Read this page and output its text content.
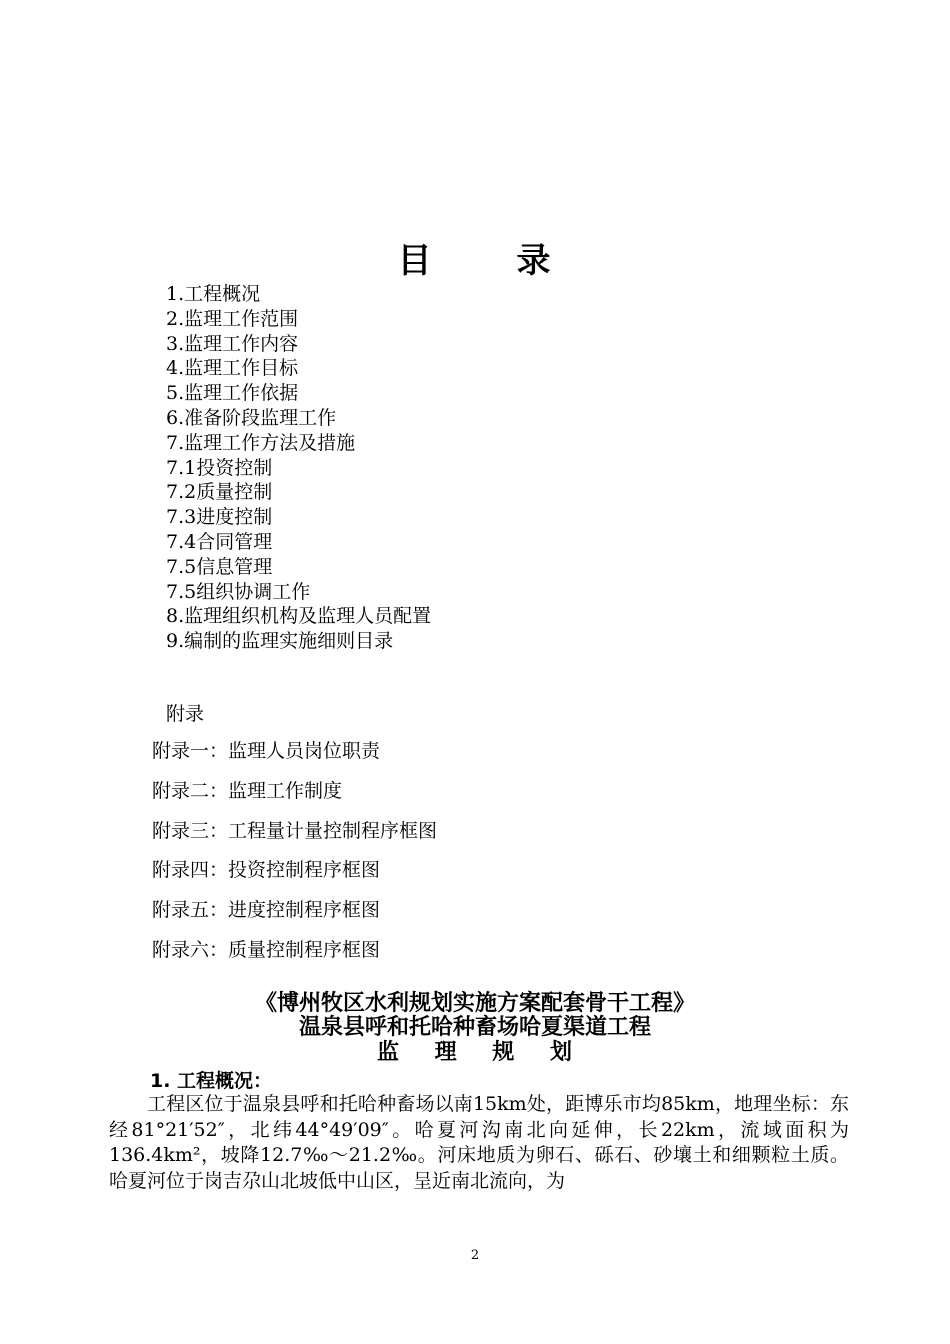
目      录
1.工程概况
2.监理工作范围
3.监理工作内容
4.监理工作目标
5.监理工作依据
6.准备阶段监理工作
7.监理工作方法及措施
7.1投资控制
7.2质量控制
7.3进度控制
7.4合同管理
7.5信息管理
7.5组织协调工作
8.监理组织机构及监理人员配置
9.编制的监理实施细则目录
附录
附录一：监理人员岗位职责
附录二：监理工作制度
附录三：工程量计量控制程序框图
附录四：投资控制程序框图
附录五：进度控制程序框图
附录六：质量控制程序框图
《博州牧区水利规划实施方案配套骨干工程》
温泉县呼和托哈种畜场哈夏渠道工程
监    理    规    划
1. 工程概况：

工程区位于温泉县呼和托哈种畜场以南15km处，距博乐市均85km，地理坐标：东经81°21′52″，北纬44°49′09″。哈夏河沟南北向延伸，长22km，流域面积为136.4km²，坡降12.7‰～21.2‰。河床地质为卵石、砾石、砂壤土和细颗粒土质。哈夏河位于岗吉尕山北坡低中山区，呈近南北流向，为

2
